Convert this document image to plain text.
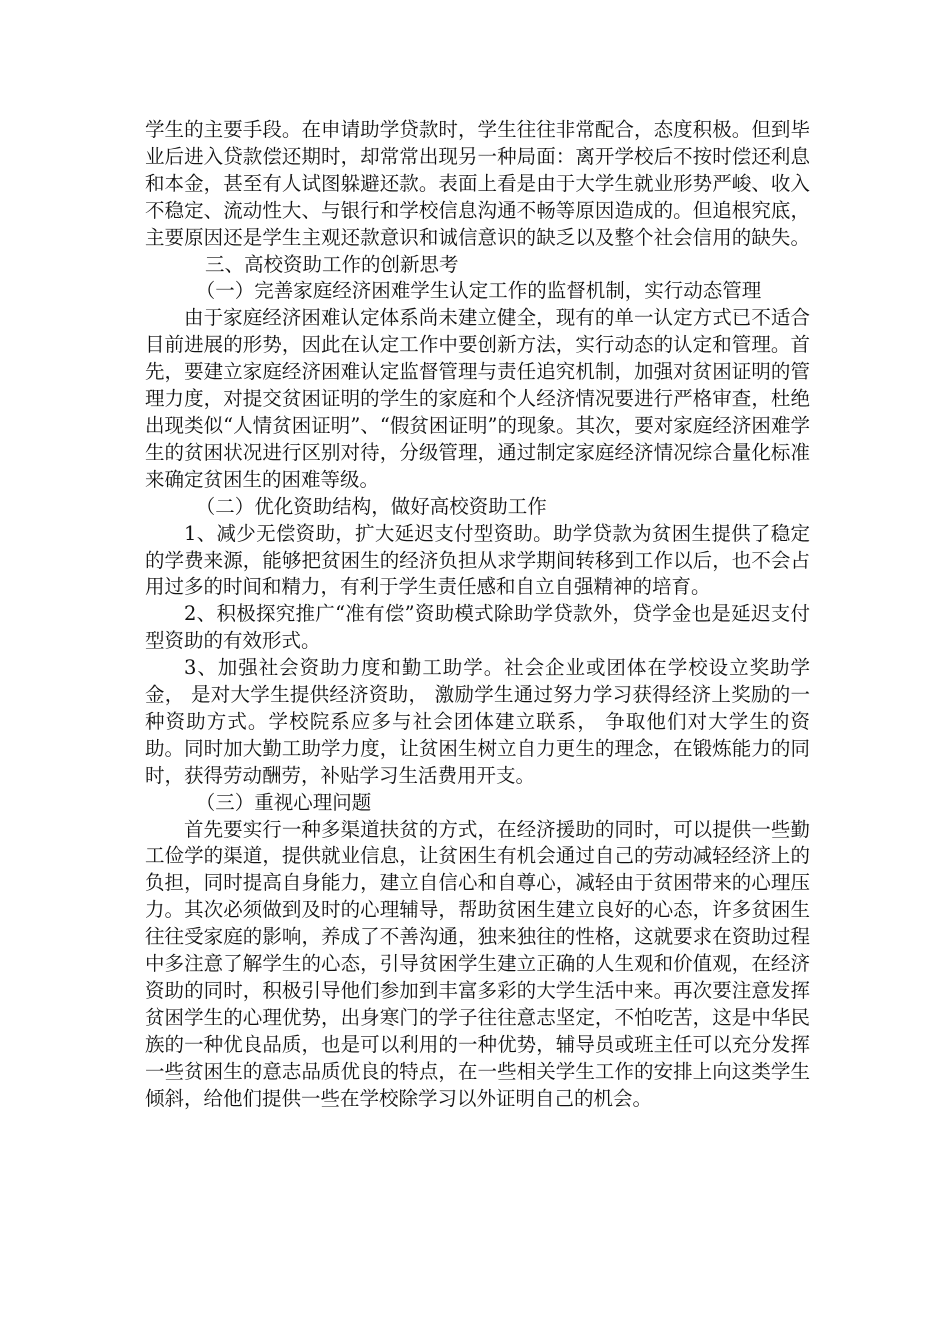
学生的主要手段。在申请助学贷款时，学生往往非常配合，态度积极。但到毕业后进入贷款偿还期时，却常常出现另一种局面：离开学校后不按时偿还利息和本金，甚至有人试图躲避还款。表面上看是由于大学生就业形势严峻、收入不稳定、流动性大、与银行和学校信息沟通不畅等原因造成的。但追根究底，主要原因还是学生主观还款意识和诚信意识的缺乏以及整个社会信用的缺失。三、高校资助工作的创新思考

（一）完善家庭经济困难学生认定工作的监督机制，实行动态管理

由于家庭经济困难认定体系尚未建立健全，现有的单一认定方式已不适合目前进展的形势，因此在认定工作中要创新方法，实行动态的认定和管理。首先，要建立家庭经济困难认定监督管理与责任追究机制，加强对贫困证明的管理力度，对提交贫困证明的学生的家庭和个人经济情况要进行严格审查，杜绝出现类似“人情贫困证明”、“假贫困证明”的现象。其次，要对家庭经济困难学生的贫困状况进行区别对待，分级管理，通过制定家庭经济情况综合量化标准来确定贫困生的困难等级。

（二）优化资助结构，做好高校资助工作

1、减少无偿资助，扩大延迟支付型资助。助学贷款为贫困生提供了稳定的学费来源，能够把贫困生的经济负担从求学期间转移到工作以后，也不会占用过多的时间和精力，有利于学生责任感和自立自强精神的培育。

2、积极探究推广“准有偿”资助模式除助学贷款外，贷学金也是延迟支付型资助的有效形式。

3、加强社会资助力度和勤工助学。社会企业或团体在学校设立奖助学金， 是对大学生提供经济资助， 激励学生通过努力学习获得经济上奖励的一种资助方式。学校院系应多与社会团体建立联系， 争取他们对大学生的资助。同时加大勤工助学力度，让贫困生树立自力更生的理念，在锻炼能力的同时，获得劳动酬劳，补贴学习生活费用开支。

（三）重视心理问题

首先要实行一种多渠道扶贫的方式，在经济援助的同时，可以提供一些勤工俭学的渠道，提供就业信息，让贫困生有机会通过自己的劳动减轻经济上的负担，同时提高自身能力，建立自信心和自尊心，减轻由于贫困带来的心理压力。其次必须做到及时的心理辅导，帮助贫困生建立良好的心态，许多贫困生往往受家庭的影响，养成了不善沟通，独来独往的性格，这就要求在资助过程中多注意了解学生的心态，引导贫困学生建立正确的人生观和价值观，在经济资助的同时，积极引导他们参加到丰富多彩的大学生活中来。再次要注意发挥贫困学生的心理优势，出身寒门的学子往往意志坚定，不怕吃苦，这是中华民族的一种优良品质，也是可以利用的一种优势，辅导员或班主任可以充分发挥一些贫困生的意志品质优良的特点，在一些相关学生工作的安排上向这类学生倾斜，给他们提供一些在学校除学习以外证明自己的机会。
